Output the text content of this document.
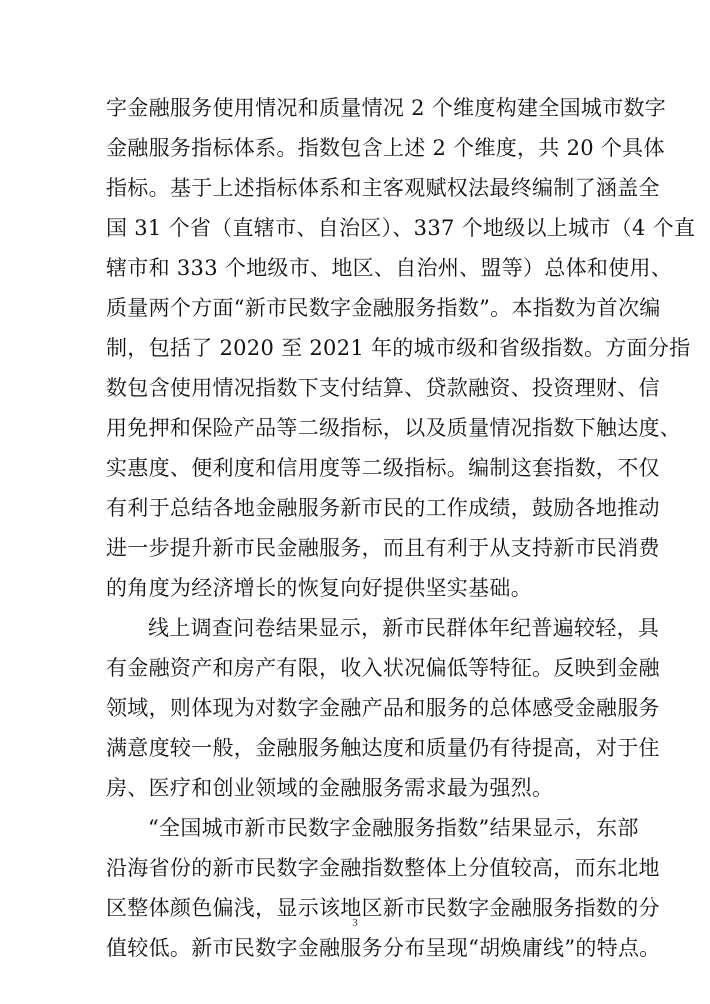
字金融服务使用情况和质量情况 2 个维度构建全国城市数字
金融服务指标体系。指数包含上述 2 个维度，共 20 个具体
指标。基于上述指标体系和主客观赋权法最终编制了涵盖全
国 31 个省（直辖市、自治区）、337 个地级以上城市（4 个直
辖市和 333 个地级市、地区、自治州、盟等）总体和使用、
质量两个方面“新市民数字金融服务指数”。本指数为首次编
制，包括了 2020 至 2021 年的城市级和省级指数。方面分指
数包含使用情况指数下支付结算、贷款融资、投资理财、信
用免押和保险产品等二级指标，以及质量情况指数下触达度、
实惠度、便利度和信用度等二级指标。编制这套指数，不仅
有利于总结各地金融服务新市民的工作成绩，鼓励各地推动
进一步提升新市民金融服务，而且有利于从支持新市民消费
的角度为经济增长的恢复向好提供坚实基础。
线上调查问卷结果显示，新市民群体年纪普遍较轻，具
有金融资产和房产有限，收入状况偏低等特征。反映到金融
领域，则体现为对数字金融产品和服务的总体感受金融服务
满意度较一般，金融服务触达度和质量仍有待提高，对于住
房、医疗和创业领域的金融服务需求最为强烈。
“全国城市新市民数字金融服务指数”结果显示，东部
沿海省份的新市民数字金融指数整体上分值较高，而东北地
区整体颜色偏浅，显示该地区新市民数字金融服务指数的分
值较低。新市民数字金融服务分布呈现“胡焕庸线”的特点。
3
